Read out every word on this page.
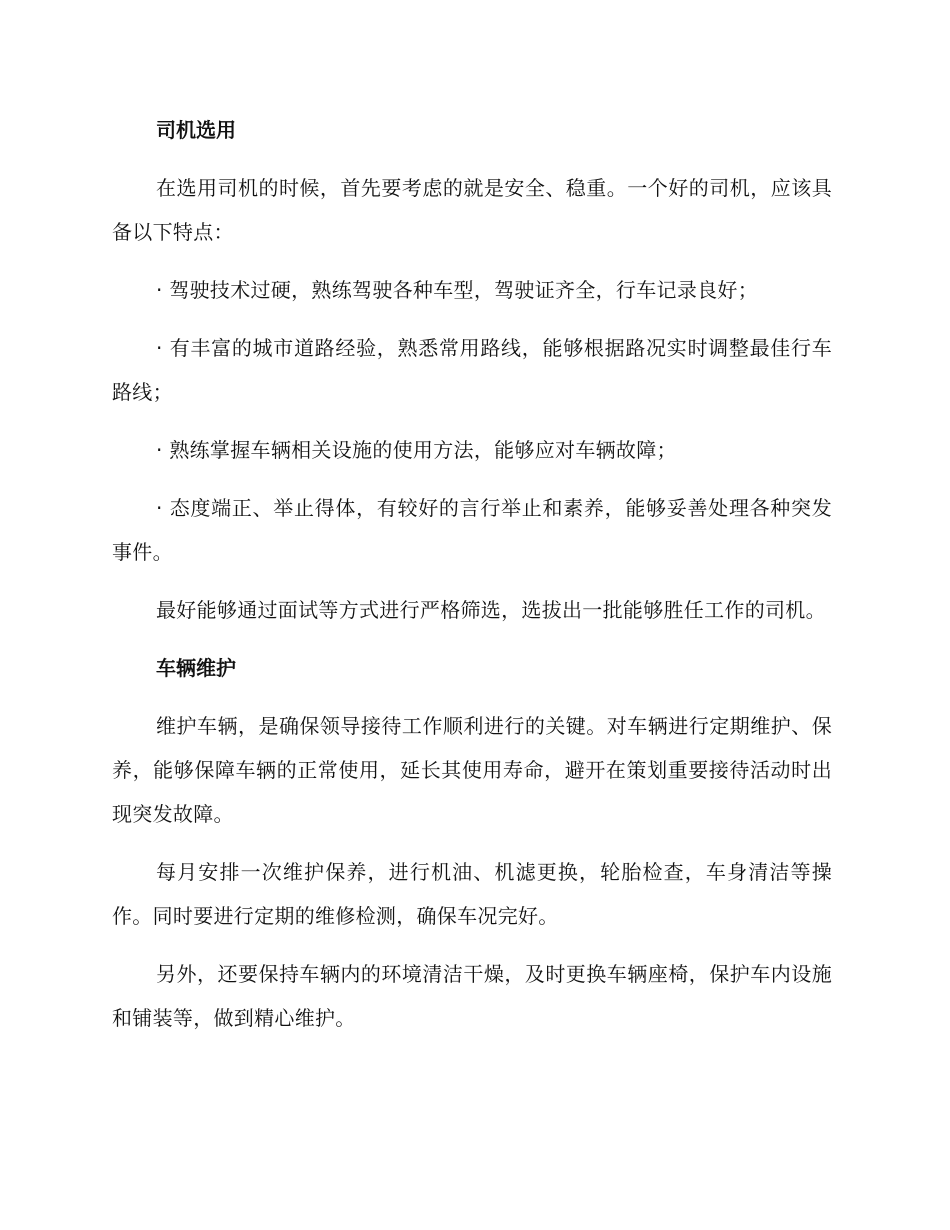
司机选用

在选用司机的时候，首先要考虑的就是安全、稳重。一个好的司机，应该具备以下特点：

· 驾驶技术过硬，熟练驾驶各种车型，驾驶证齐全，行车记录良好；

· 有丰富的城市道路经验，熟悉常用路线，能够根据路况实时调整最佳行车路线；

· 熟练掌握车辆相关设施的使用方法，能够应对车辆故障；

· 态度端正、举止得体，有较好的言行举止和素养，能够妥善处理各种突发事件。

最好能够通过面试等方式进行严格筛选，选拔出一批能够胜任工作的司机。

车辆维护

维护车辆，是确保领导接待工作顺利进行的关键。对车辆进行定期维护、保养，能够保障车辆的正常使用，延长其使用寿命，避开在策划重要接待活动时出现突发故障。

每月安排一次维护保养，进行机油、机滤更换，轮胎检查，车身清洁等操作。同时要进行定期的维修检测，确保车况完好。

另外，还要保持车辆内的环境清洁干燥，及时更换车辆座椅，保护车内设施和铺装等，做到精心维护。
